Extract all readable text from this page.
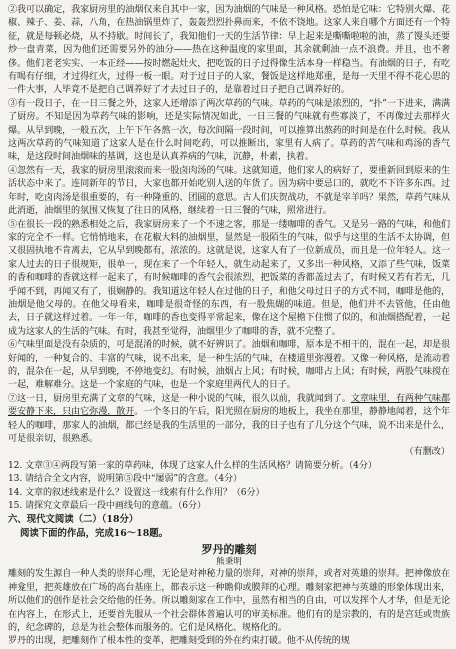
②我可以确定，我家厨房里的油烟仅来自其中一家，因为油烟的气味是一种风格。恐怕是它味：它特别火爆、花椒、辣子、姜、蒜，八角，在热油锅里炸了，轰轰烈烈扑鼻而来，不依不饶地。这家人来自哪个方面还有一个特征，就是每顿必烧，从不持歇。时间长了，我知他们一天的生活节律：早上起来是嘶嘶啦啦的油，蒸了馒头还要炒一盘青菜，因为他们还需要另外的油分——热在这种温度的家里面，其余就剩油一点不浪费。并且，也不奢侈。他们老老实实、一本正经——按时燃起灶火，把吃饭的日子过得像生活本身一样稳当。有油烟的日子，有吃有喝有仔细，才过得红火，过得一板一眼。对于过日子的人家，餐饭是这样地郑重，是每一天里不得不花心思的一件大事，人毕竟不是把自己调养好了才去过日子的，是靠着过日子把自己调养好的。

③有一段日子，在一日三餐之外，这家人还增添了两次草药的气味。草药的气味是浓烈的，“扑”一下进来，满满了厨房。不知是因为草药气味的影响，还是实际情况如此，一日三餐的气味就有些寡淡了，不再像过去那样火爆。从早到晚，一般五次，上午下午各熬一次，每次间隔一段时间，可以推算出熬药的时间是在什么时候。我从这两次草药的气味知道了这家人是在什么时间吃药，可以推断出，家里有人病了。草药的苦气味和鸡汤的香气味，是这段时间油烟味的基调，这也是认真养病的气味，沉静，朴素，执着。

④忽然有一天，我家的厨房里滚滚而来一股卤肉汤的气味。这就知道，他们家人的病好了，要重新回到原来的生活状态中来了。连同新年的节日，大家也都开始吃别人送的年货了。因为病中要忌口的，就吃不下许多东西。过年时，吃卤肉汤是很重要的，有一种隆重的、团圆的意思。古人们庆贺战功，不就是宰羊吗？果然，草药气味从此消逝，油烟里的氛围又恢复了往日的风格，继续着一日三餐的气味，照常进行。

⑤在很长一段的熟悉相处之后，我家厨房来了一个不速之客，那是一缕咖啡的香气。又是另一路的气味，和他们家的完全不一样。它悄悄地来，在花椒大料的油烟里，显然是一股陌生的气味，似乎与这里的生活不太协调，但又很固执地不肯离去，它从早到晚都有，浓浓的。这就是说，这家人有了一位新成员，而且是一位年轻人。这一家人过去的日子很规矩，很单一，现在来了一个年轻人，就生动起来了，又多出一种风格，又添了些气味，饭菜的香和咖啡的香就这样一起来了，有时候咖啡的香气会很浓烈，把饭菜的香都盖过去了，有时候又若有若无，几乎闻不到，再闻又有了，很娴静的。我知道这年轻人在过他的日子，和他父母过日子的方式不同，咖啡是他的，油烟是他父母的。在他父母看来，咖啡是很奇怪的东西，有一股焦煳的味道。但是，他们并不去管他，任由他去，日子就这样过着。一年一年，咖啡的香也变得平常起来，像在这个屋檐下住惯了似的，和油烟搭配着，一起成为这家人的生活的气味。有时，我甚至觉得，油烟里少了咖啡的香，就不完整了。

⑥气味里面是没有杂质的，可是混淆的时候，就不好辨识了。油烟和咖啡，原本是不相干的，混在一起，却是很好闻的，一种复合的、丰富的气味，说不出来，是一种生活的气味，在楼道里弥漫着。又像一种风格，是流动着的，混杂在一起，从早到晚，不停地变幻。有时候，油烟占上风；有时候，咖啡占上风；有时候，两股气味搅在一起，难解难分。这是一个家庭的气味，也是一个家庭里两代人的日子。

⑦这一日，厨房里充满了文章的气味，这是一种小说的气味，很久以前，我就闻到了。文章味里，有两种气味都要安静下来，只由它弥漫，散开。一个冬日的午后，阳光照在厨房的地板上，我坐在那里，静静地闻着，这个年轻人的咖啡，那家人的油烟，都已经是我的生活里的一部分，我的日子也有了几分这个气味，说不出来是什么，可是很亲切，很熟悉。

（有删改）

12. 文章③④两段写第一家的草药味，体现了这家人什么样的生活风格？请简要分析。（4分）

13. 请结合全文内容，说明第⑤段中“屡弱”的含意。（4分）

14. 文章的叙述线索是什么？设置这一线索有什么作用？（6分）

15. 请探究文章最后一段中画线句的意蕴。（6分）

六、现代文阅读（二）（18分）

阅读下面的作品，完成16～18题。

罗丹的雕刻
熊秉明

雕刻的发生源自一种人类的崇拜心理，无论是对神秘力量的崇拜，对神的崇拜，或者对英雄的崇拜。把神像放在神龛里，把英雄放在广场的高台基座上，都表示这一种瞻仰或膜拜的心理。雕刻家把神与英雄的形象体现出来，所以他们的创作是社会交给他的任务。所以雕刻家在工作中，虽然有相当的自由，可以发挥个人才华，但是无论在内容上，在形式上，还要首先服从一个社会群体普遍认可的审美标准。他们有的是宗教的，有的是宫廷或贵族的，纪念碑的，总是为社会整体而服务的。它们是风格化、规格化的。

罗丹的出现，把雕刻作了根本性的变革，把雕刻受到的外在约束打破。他不从传统的规
